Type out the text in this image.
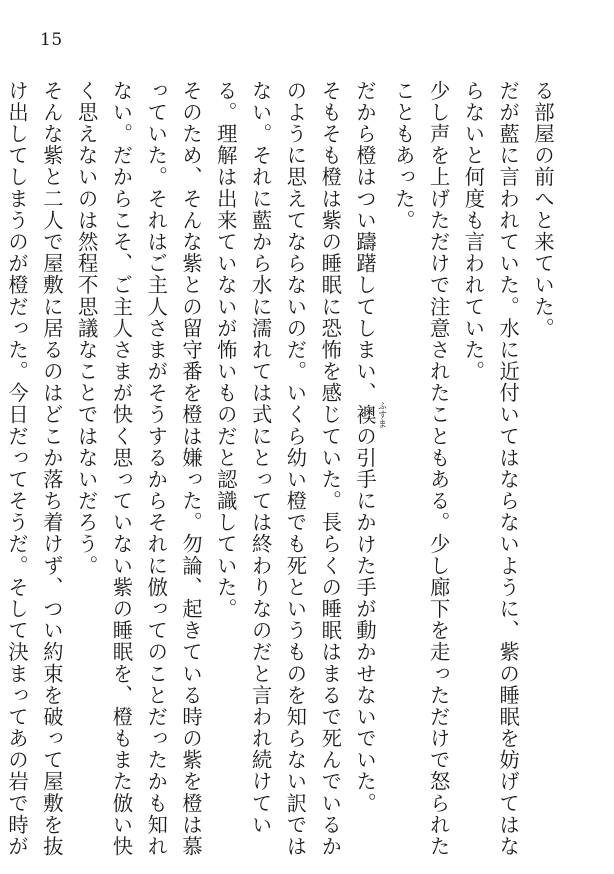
15

る部屋の前へと来ていた。

だが藍に言われていた。水に近付いてはならないように、紫の睡眠を妨げてはならないと何度も言われていた。

少し声を上げただけで注意されたこともある。少し廊下を走っただけで怒られたこともあった。

だから橙はつい躊躇してしまい、襖 ふすまの引手にかけた手が動かせないでいた。

そもそも橙は紫の睡眠に恐怖を感じていた。長らくの睡眠はまるで死んでいるかのように思えてならないのだ。いくら幼い橙でも死というものを知らない訳ではない。それに藍から水に濡れては式にとっては終わりなのだと言われ続けている。理解は出来ていないが怖いものだと認識していた。

そのため、そんな紫との留守番を橙は嫌った。勿論、起きている時の紫を橙は慕っていた。それはご主人さまがそうするからそれに倣ってのことだったかも知れない。だからこそ、ご主人さまが快く思っていない紫の睡眠を、橙もまた倣い快く思えないのは然程不思議なことではないだろう。

そんな紫と二人で屋敷に居るのはどこか落ち着けず、つい約束を破って屋敷を抜け出してしまうのが橙だった。今日だってそうだ。そして決まってあの岩で時が
